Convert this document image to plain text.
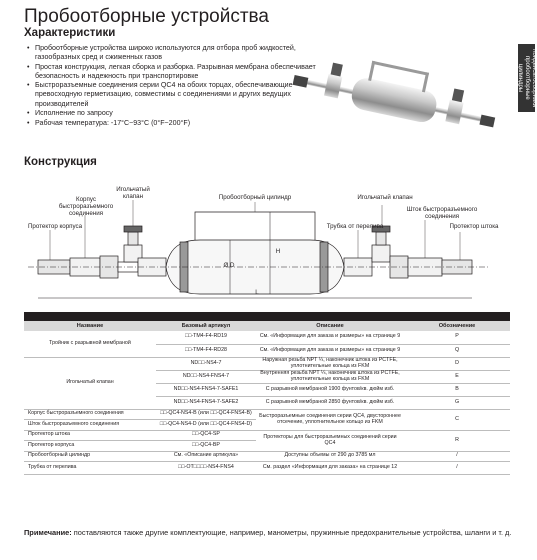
Пробоотборные устройства
Характеристики
• Пробоотборные устройства широко используются для отбора проб жидкостей, газообразных сред и сжиженных газов
• Простая конструкция, легкая сборка и разборка. Разрывная мембрана обеспечивает безопасность и надежность при транспортировке
• Быстроразъемные соединения серии QC4 на обоих торцах, обеспечивающие превосходную герметизацию, совместимы с соединениями и других ведущих производителей
• Исполнение по запросу
• Рабочая температура: -17°C~93°C (0°F~200°F)
Конденсатосборники пробоотборные цилиндры
Конструкция
Протектор корпуса
Корпус
быстроразъемного
соединения
Игольчатый
клапан	Пробоотборный цилиндр
Трубка от перелива
Игольчатый клапан
Шток быстроразъемного
соединения
Протектор штока
Ø D
H
L

Название	Базовый артикул	Описание	Обозначение
Тройник с разрывной мембраной	□□-TM4-F4-RD19	См. «Информация для заказа и размеры» на странице 9	P
	□□-TM4-F4-RD28	См. «Информация для заказа и размеры» на странице 9	Q
Игольчатый клапан	ND□□-NS4-7	Наружная резьба NPT ¼, наконечник штока из PCTFE, уплотнительные кольца из FKM	D
	ND□□-NS4-FNS4-7	Внутренняя резьба NPT ¼, наконечник штока из PCTFE, уплотнительные кольца из FKM	E
	ND□□-NS4-FNS4-7-SAFE1	С разрывной мембраной 1900 фунтов/кв. дюйм изб.	B
	ND□□-NS4-FNS4-7-SAFE2	С разрывной мембраной 2850 фунтов/кв. дюйм изб.	G
Корпус быстроразъемного соединения	□□-QC4-NS4-B (или □□-QC4-FNS4-B)	Быстроразъемные соединения серии QC4, двустороннее отсечение, уплотнительное кольцо из FKM	C
Шток быстроразъемного соединения	□□-QC4-NS4-D (или □□-QC4-FNS4-D)		
Протектор штока	□□-QC4-SP	Протекторы для быстроразъемных соединений серии QC4	R
Протектор корпуса	□□-QC4-BP		
Пробоотборный цилиндр	См. «Описание артикула»	Доступны объемы от 290 до 3785 мл	/
Трубка от перелива	□□-OT□□□□-NS4-FNS4	См. раздел «Информация для заказа» на странице 12	/
Примечание: поставляются также другие комплектующие, например, манометры, пружинные предохранительные устройства, шланги и т. д.
